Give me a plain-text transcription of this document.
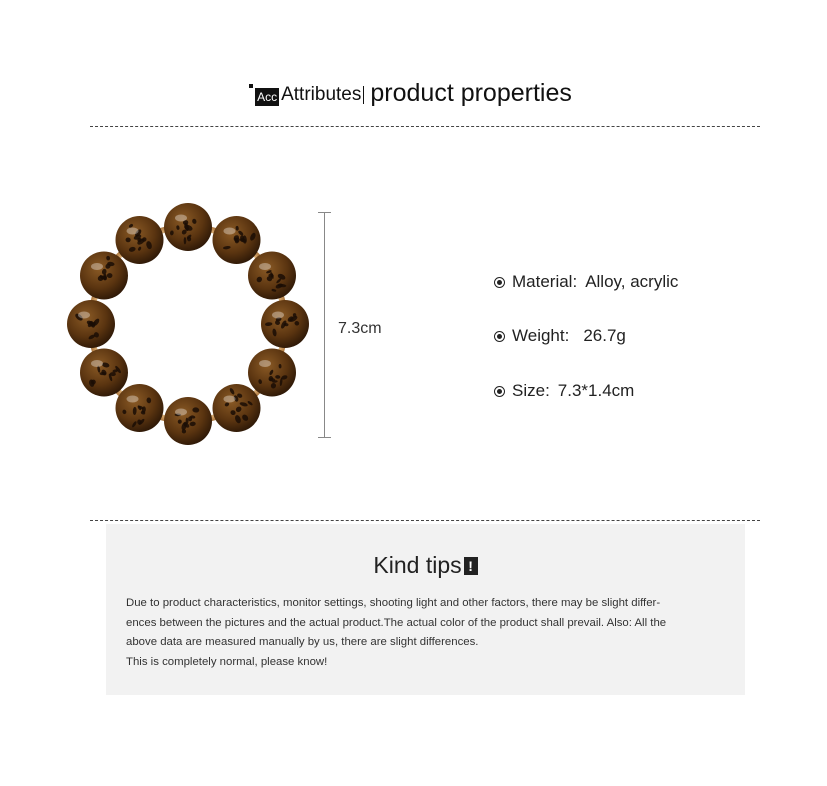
Acc Attributes product properties
7.3cm
Material: Alloy, acrylic
Weight: 26.7g
Size: 7.3*1.4cm
Kind tips !
Due to product characteristics, monitor settings, shooting light and other factors, there may be slight differ-
ences between the pictures and the actual product.The actual color of the product shall prevail. Also: All the
above data are measured manually by us, there are slight differences.
This is completely normal, please know!
